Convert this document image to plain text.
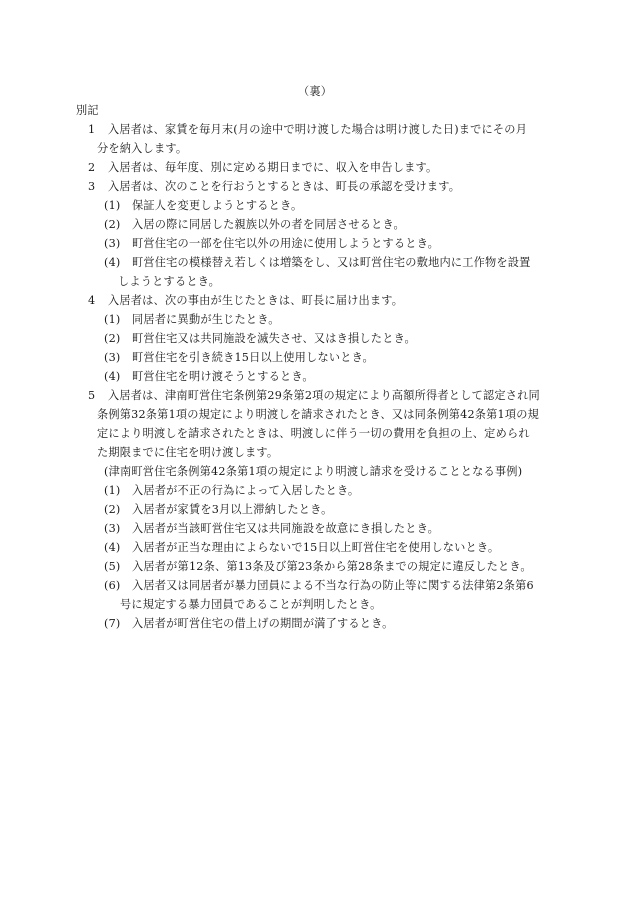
（裏）
別記
1 入居者は、家賃を毎月末(月の途中で明け渡した場合は明け渡した日)までにその月
分を納入します。
2 入居者は、毎年度、別に定める期日までに、収入を申告します。
3 入居者は、次のことを行おうとするときは、町長の承認を受けます。
(1) 保証人を変更しようとするとき。
(2) 入居の際に同居した親族以外の者を同居させるとき。
(3) 町営住宅の一部を住宅以外の用途に使用しようとするとき。
(4) 町営住宅の模様替え若しくは増築をし、又は町営住宅の敷地内に工作物を設置
しようとするとき。
4 入居者は、次の事由が生じたときは、町長に届け出ます。
(1) 同居者に異動が生じたとき。
(2) 町営住宅又は共同施設を滅失させ、又はき損したとき。
(3) 町営住宅を引き続き15日以上使用しないとき。
(4) 町営住宅を明け渡そうとするとき。
5 入居者は、津南町営住宅条例第29条第2項の規定により高額所得者として認定され同
条例第32条第1項の規定により明渡しを請求されたとき、又は同条例第42条第1項の規
定により明渡しを請求されたときは、明渡しに伴う一切の費用を負担の上、定められ
た期限までに住宅を明け渡します。
(津南町営住宅条例第42条第1項の規定により明渡し請求を受けることとなる事例)
(1) 入居者が不正の行為によって入居したとき。
(2) 入居者が家賃を3月以上滞納したとき。
(3) 入居者が当該町営住宅又は共同施設を故意にき損したとき。
(4) 入居者が正当な理由によらないで15日以上町営住宅を使用しないとき。
(5) 入居者が第12条、第13条及び第23条から第28条までの規定に違反したとき。
(6) 入居者又は同居者が暴力団員による不当な行為の防止等に関する法律第2条第6
号に規定する暴力団員であることが判明したとき。
(7) 入居者が町営住宅の借上げの期間が満了するとき。
